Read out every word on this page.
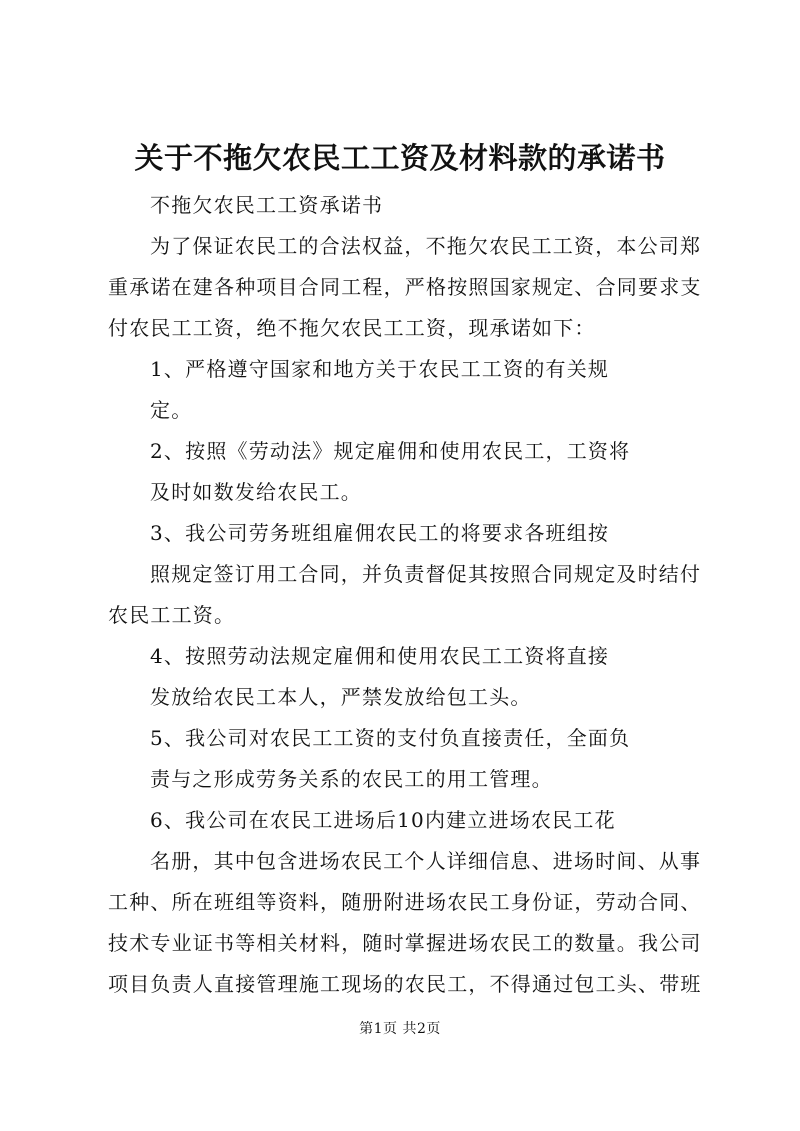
关于不拖欠农民工工资及材料款的承诺书
不拖欠农民工工资承诺书
为了保证农民工的合法权益，不拖欠农民工工资，本公司郑
重承诺在建各种项目合同工程，严格按照国家规定、合同要求支
付农民工工资，绝不拖欠农民工工资，现承诺如下：
1、严格遵守国家和地方关于农民工工资的有关规
定。
2、按照《劳动法》规定雇佣和使用农民工，工资将
及时如数发给农民工。
3、我公司劳务班组雇佣农民工的将要求各班组按
照规定签订用工合同，并负责督促其按照合同规定及时结付
农民工工资。
4、按照劳动法规定雇佣和使用农民工工资将直接
发放给农民工本人，严禁发放给包工头。
5、我公司对农民工工资的支付负直接责任，全面负
责与之形成劳务关系的农民工的用工管理。
6、我公司在农民工进场后10内建立进场农民工花
名册，其中包含进场农民工个人详细信息、进场时间、从事
工种、所在班组等资料，随册附进场农民工身份证，劳动合同、
技术专业证书等相关材料，随时掌握进场农民工的数量。我公司
项目负责人直接管理施工现场的农民工，不得通过包工头、带班
第1页 共2页
